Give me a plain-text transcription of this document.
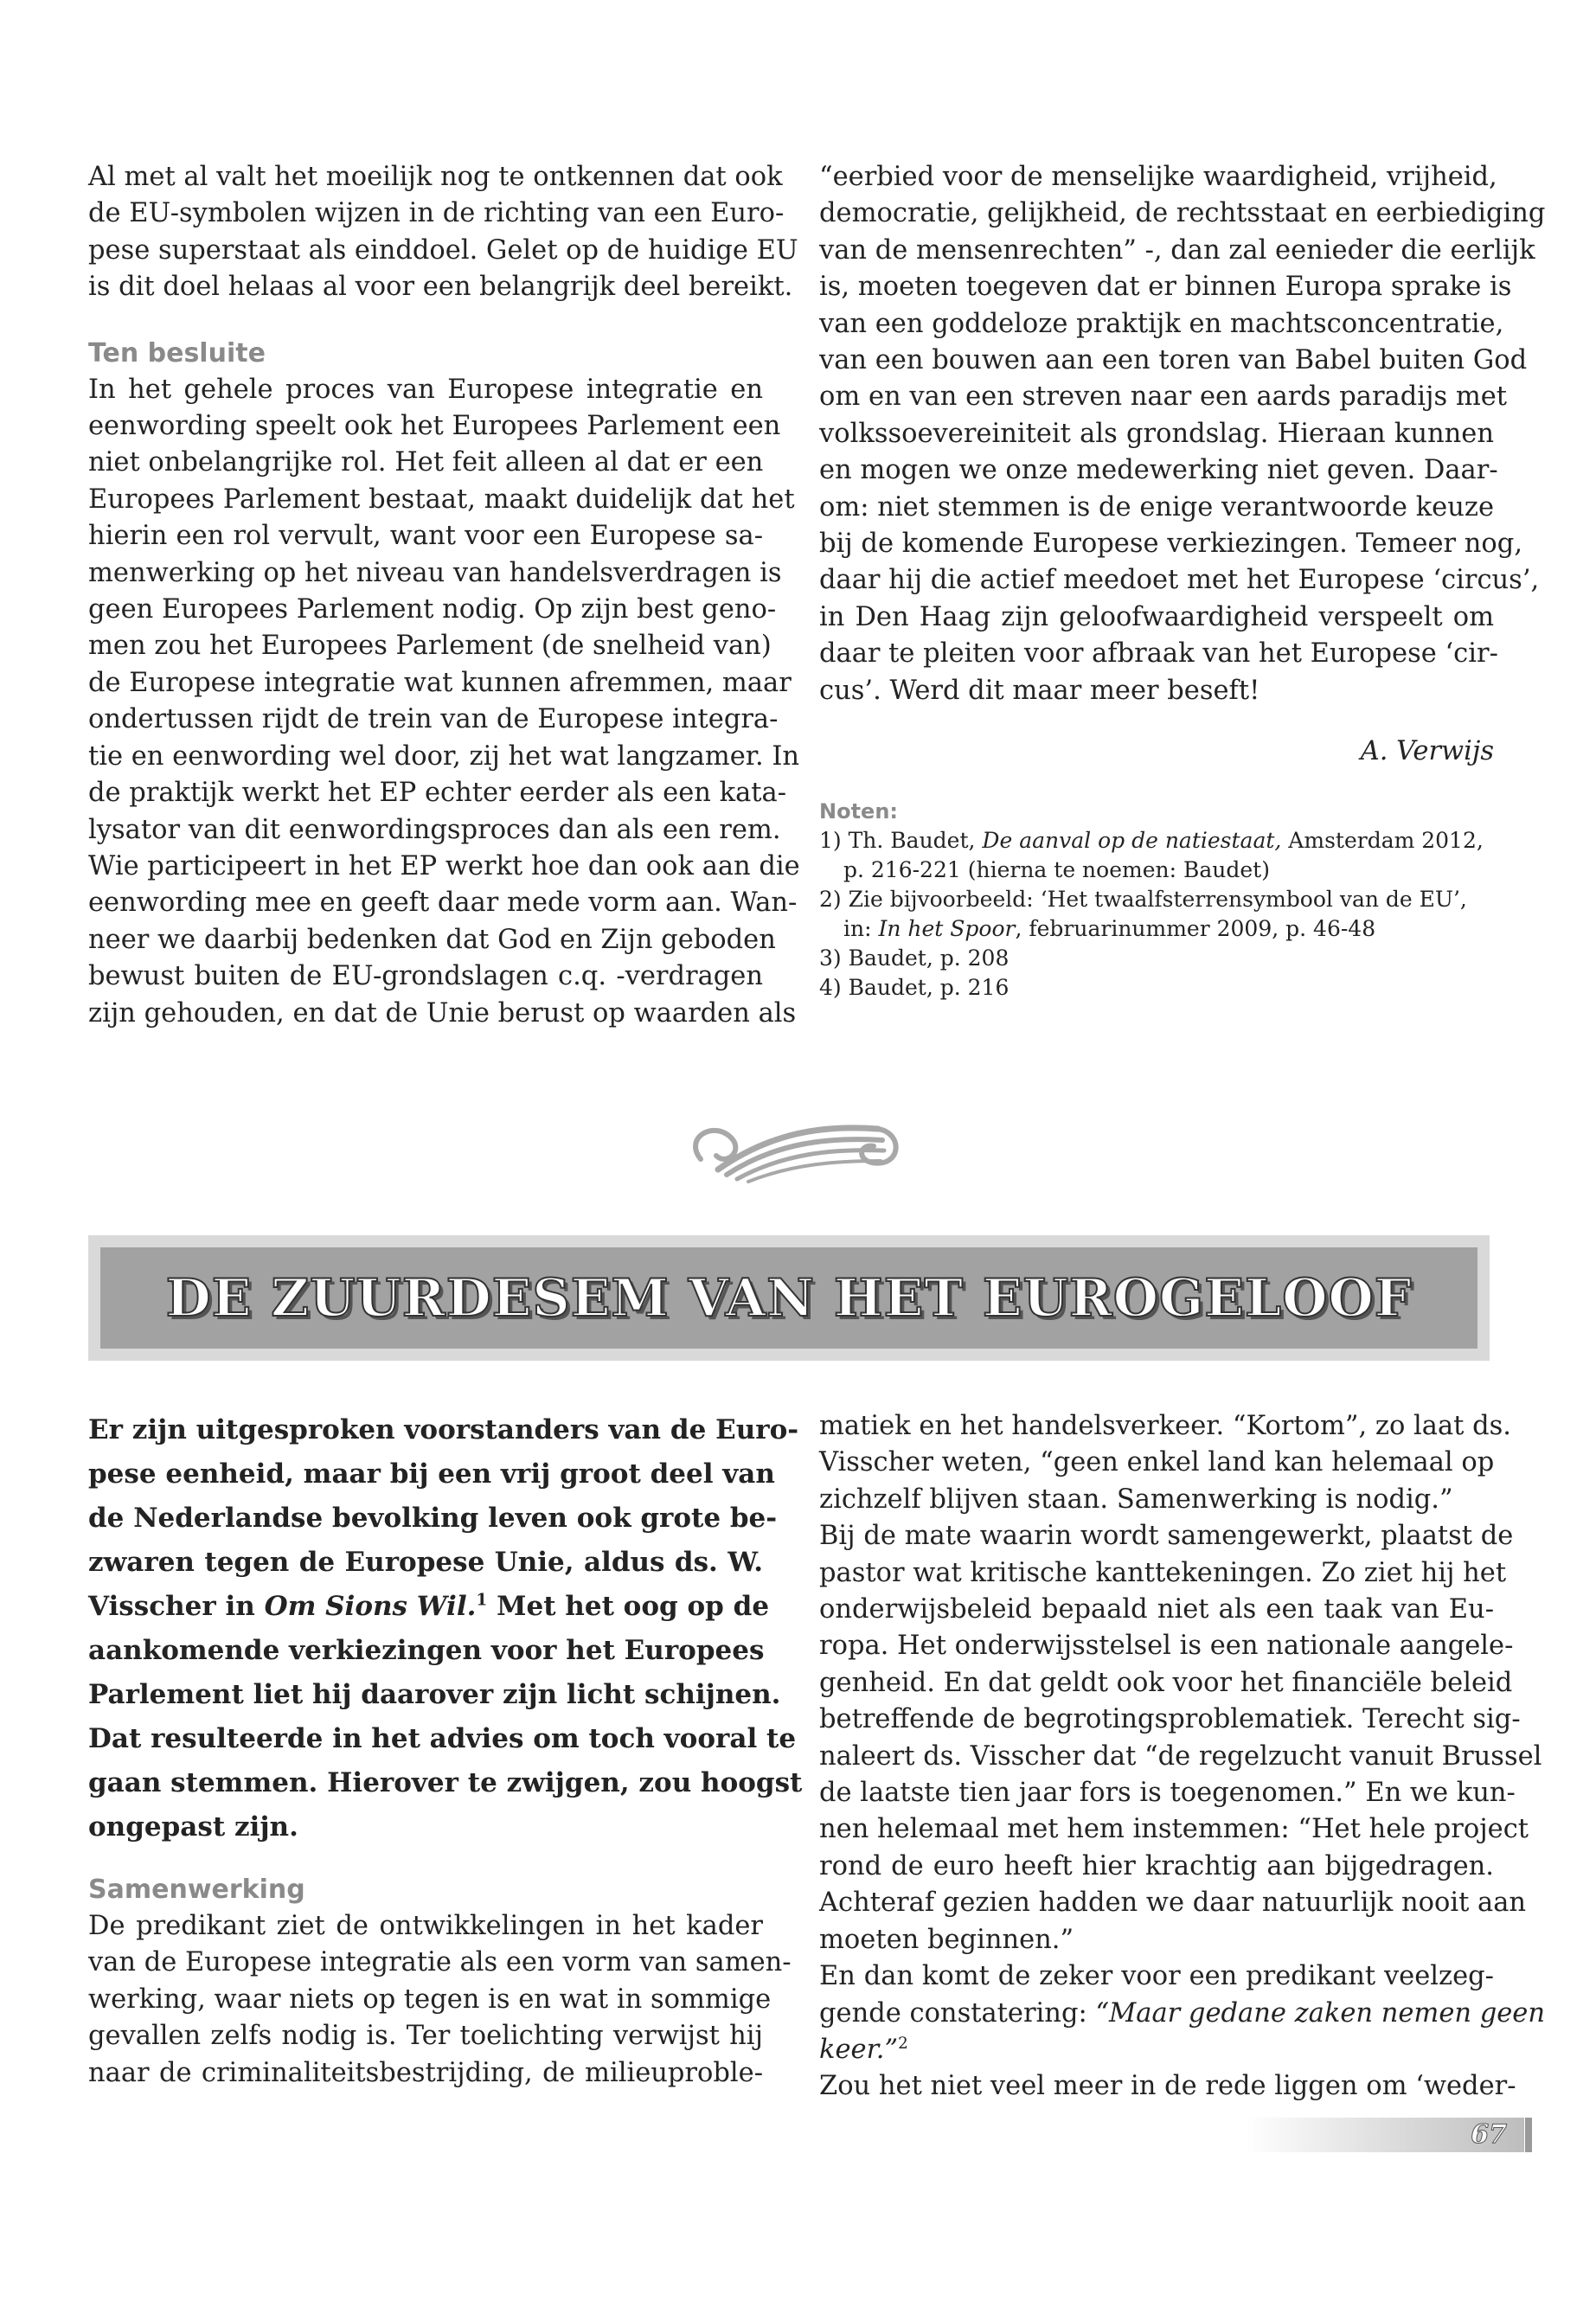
Al met al valt het moeilijk nog te ontkennen dat ook
de EU-symbolen wijzen in de richting van een Euro-
pese superstaat als einddoel. Gelet op de huidige EU
is dit doel helaas al voor een belangrijk deel bereikt.

Ten besluite

In het gehele proces van Europese integratie en
eenwording speelt ook het Europees Parlement een
niet onbelangrijke rol. Het feit alleen al dat er een
Europees Parlement bestaat, maakt duidelijk dat het
hierin een rol vervult, want voor een Europese sa-
menwerking op het niveau van handelsverdragen is
geen Europees Parlement nodig. Op zijn best geno-
men zou het Europees Parlement (de snelheid van)
de Europese integratie wat kunnen afremmen, maar
ondertussen rijdt de trein van de Europese integra-
tie en eenwording wel door, zij het wat langzamer. In
de praktijk werkt het EP echter eerder als een kata-
lysator van dit eenwordingsproces dan als een rem.
Wie participeert in het EP werkt hoe dan ook aan die
eenwording mee en geeft daar mede vorm aan. Wan-
neer we daarbij bedenken dat God en Zijn geboden
bewust buiten de EU-grondslagen c.q. -verdragen
zijn gehouden, en dat de Unie berust op waarden als

“eerbied voor de menselijke waardigheid, vrijheid,
democratie, gelijkheid, de rechtsstaat en eerbiediging
van de mensenrechten” -, dan zal eenieder die eerlijk
is, moeten toegeven dat er binnen Europa sprake is
van een goddeloze praktijk en machtsconcentratie,
van een bouwen aan een toren van Babel buiten God
om en van een streven naar een aards paradijs met
volkssoevereiniteit als grondslag. Hieraan kunnen
en mogen we onze medewerking niet geven. Daar-
om: niet stemmen is de enige verantwoorde keuze
bij de komende Europese verkiezingen. Temeer nog,
daar hij die actief meedoet met het Europese ‘circus’,
in Den Haag zijn geloofwaardigheid verspeelt om
daar te pleiten voor afbraak van het Europese ‘cir-
cus’. Werd dit maar meer beseft!

A. Verwijs
Noten:
1) Th. Baudet, De aanval op de natiestaat, Amsterdam 2012,
p. 216-221 (hierna te noemen: Baudet)
2) Zie bijvoorbeeld: ‘Het twaalfsterrensymbool van de EU’,
in: In het Spoor, februarinummer 2009, p. 46-48
3) Baudet, p. 208
4) Baudet, p. 216
DE ZUURDESEM VAN HET EUROGELOOF

Er zijn uitgesproken voorstanders van de Euro-
pese eenheid, maar bij een vrij groot deel van
de Nederlandse bevolking leven ook grote be-
zwaren tegen de Europese Unie, aldus ds. W.
Visscher in Om Sions Wil.$^1$ Met het oog op de
aankomende verkiezingen voor het Europees
Parlement liet hij daarover zijn licht schijnen.
Dat resulteerde in het advies om toch vooral te
gaan stemmen. Hierover te zwijgen, zou hoogst
ongepast zijn.

Samenwerking

De predikant ziet de ontwikkelingen in het kader
van de Europese integratie als een vorm van samen-
werking, waar niets op tegen is en wat in sommige
gevallen zelfs nodig is. Ter toelichting verwijst hij
naar de criminaliteitsbestrijding, de milieuproble-

matiek en het handelsverkeer. “Kortom”, zo laat ds.
Visscher weten, “geen enkel land kan helemaal op
zichzelf blijven staan. Samenwerking is nodig.”

Bij de mate waarin wordt samengewerkt, plaatst de
pastor wat kritische kanttekeningen. Zo ziet hij het
onderwijsbeleid bepaald niet als een taak van Eu-
ropa. Het onderwijsstelsel is een nationale aangele-
genheid. En dat geldt ook voor het financiële beleid
betreffende de begrotingsproblematiek. Terecht sig-
naleert ds. Visscher dat “de regelzucht vanuit Brussel
de laatste tien jaar fors is toegenomen.” En we kun-
nen helemaal met hem instemmen: “Het hele project
rond de euro heeft hier krachtig aan bijgedragen.
Achteraf gezien hadden we daar natuurlijk nooit aan
moeten beginnen.”

En dan komt de zeker voor een predikant veelzeg-
gende constatering: “Maar gedane zaken nemen geen
keer.”$^2$

Zou het niet veel meer in de rede liggen om ‘weder-

67
